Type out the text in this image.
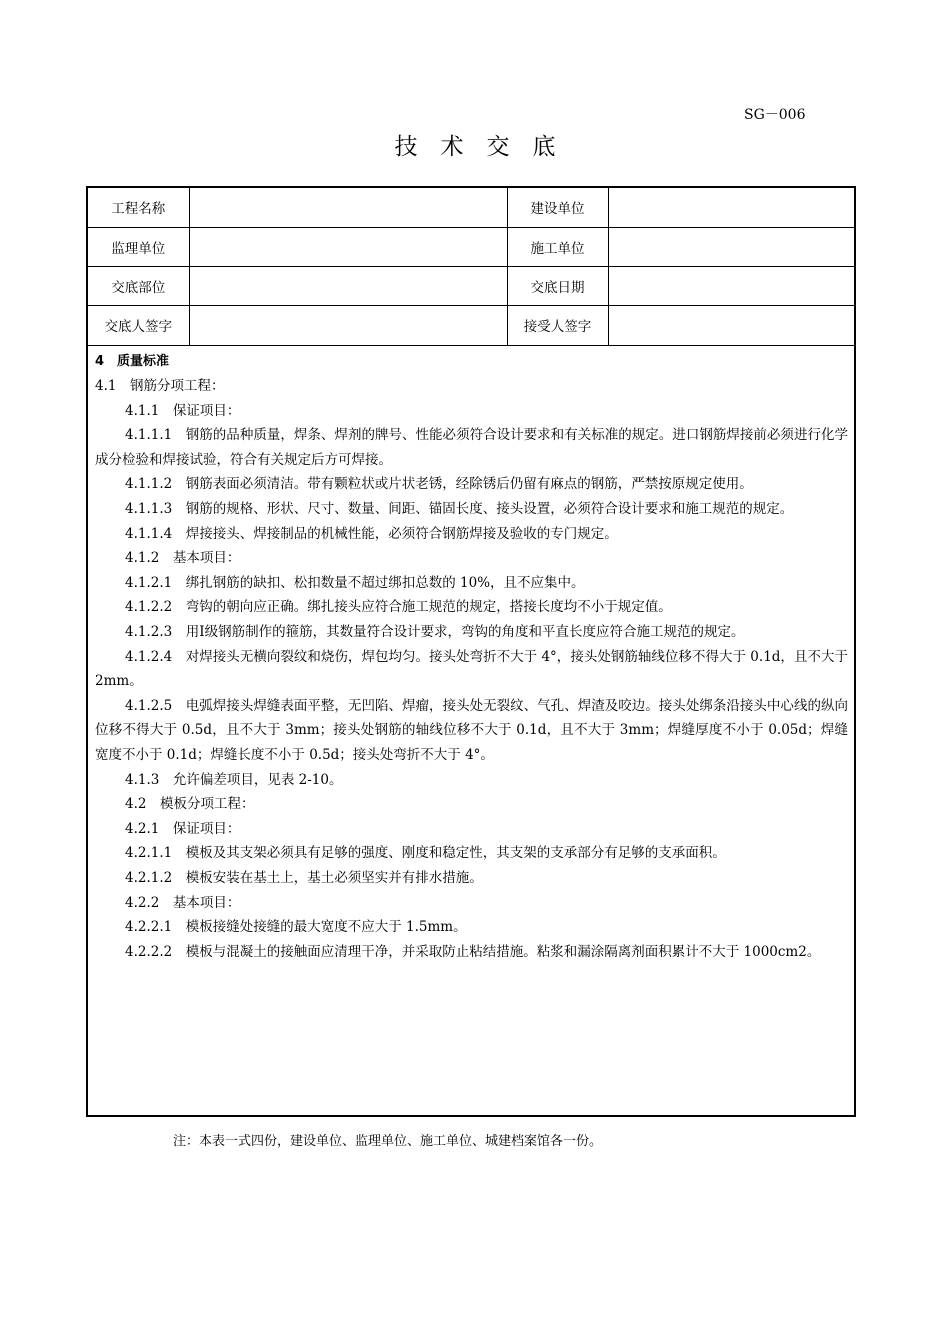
SG－006
技术交底
工程名称		建设单位	
监理单位		施工单位	
交底部位		交底日期	
交底人签字		接受人签字	

4　质量标准

4.1　钢筋分项工程：

4.1.1　保证项目：

4.1.1.1　钢筋的品种质量，焊条、焊剂的牌号、性能必须符合设计要求和有关标准的规定。进口钢筋焊接前必须进行化学成分检验和焊接试验，符合有关规定后方可焊接。

4.1.1.2　钢筋表面必须清洁。带有颗粒状或片状老锈，经除锈后仍留有麻点的钢筋，严禁按原规定使用。

4.1.1.3　钢筋的规格、形状、尺寸、数量、间距、锚固长度、接头设置，必须符合设计要求和施工规范的规定。

4.1.1.4　焊接接头、焊接制品的机械性能，必须符合钢筋焊接及验收的专门规定。

4.1.2　基本项目：

4.1.2.1　绑扎钢筋的缺扣、松扣数量不超过绑扣总数的 10%，且不应集中。

4.1.2.2　弯钩的朝向应正确。绑扎接头应符合施工规范的规定，搭接长度均不小于规定值。

4.1.2.3　用Ⅰ级钢筋制作的箍筋，其数量符合设计要求，弯钩的角度和平直长度应符合施工规范的规定。

4.1.2.4　对焊接头无横向裂纹和烧伤，焊包均匀。接头处弯折不大于 4°，接头处钢筋轴线位移不得大于 0.1d，且不大于 2mm。

4.1.2.5　电弧焊接头焊缝表面平整，无凹陷、焊瘤，接头处无裂纹、气孔、焊渣及咬边。接头处绑条沿接头中心线的纵向位移不得大于 0.5d，且不大于 3mm；接头处钢筋的轴线位移不大于 0.1d，且不大于 3mm；焊缝厚度不小于 0.05d；焊缝宽度不小于 0.1d；焊缝长度不小于 0.5d；接头处弯折不大于 4°。

4.1.3　允许偏差项目，见表 2-10。

4.2　模板分项工程：

4.2.1　保证项目：

4.2.1.1　模板及其支架必须具有足够的强度、刚度和稳定性，其支架的支承部分有足够的支承面积。

4.2.1.2　模板安装在基土上，基土必须坚实并有排水措施。

4.2.2　基本项目：

4.2.2.1　模板接缝处接缝的最大宽度不应大于 1.5mm。

4.2.2.2　模板与混凝土的接触面应清理干净，并采取防止粘结措施。粘浆和漏涂隔离剂面积累计不大于 1000cm2。

注：本表一式四份，建设单位、监理单位、施工单位、城建档案馆各一份。
